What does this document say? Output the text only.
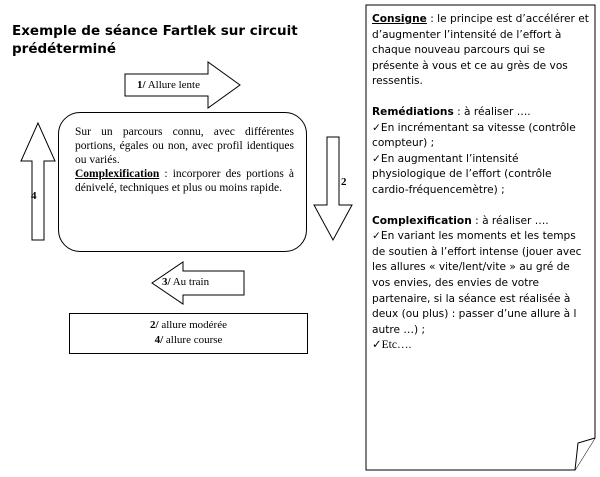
Exemple de séance Fartlek sur circuit prédéterminé
1/ Allure lente
2
3/ Au train
4
Sur un parcours connu, avec différentes portions, égales ou non, avec profil identiques ou variés.
Complexification : incorporer des portions à dénivelé, techniques et plus ou moins rapide.
2/ allure modérée
4/ allure course

Consigne : le principe est d’accélérer et d’augmenter l’intensité de l’effort à chaque nouveau parcours qui se présente à vous et ce au grès de vos ressentis.

Remédiations : à réaliser ….

✓En incrémentant sa vitesse (contrôle compteur) ;

✓En augmentant l’intensité physiologique de l’effort (contrôle cardio-fréquencemètre) ;

Complexification : à réaliser ….

✓En variant les moments et les temps de soutien à l’effort intense (jouer avec les allures « vite/lent/vite » au gré de vos envies, des envies de votre partenaire, si la séance est réalisée à deux (ou plus) : passer d’une allure à l autre …) ;

✓Etc….
